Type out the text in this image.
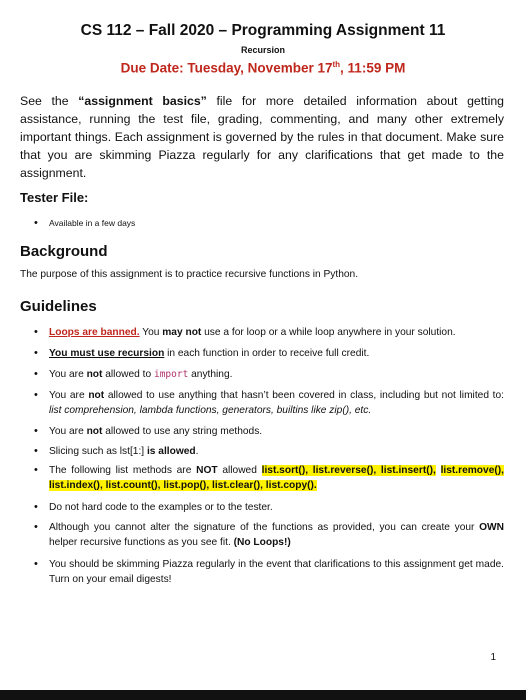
CS 112 – Fall 2020 – Programming Assignment 11
Recursion
Due Date: Tuesday, November 17th, 11:59 PM
See the “assignment basics” file for more detailed information about getting assistance, running the test file, grading, commenting, and many other extremely important things. Each assignment is governed by the rules in that document. Make sure that you are skimming Piazza regularly for any clarifications that get made to the assignment.
Tester File:
• Available in a few days
Background
The purpose of this assignment is to practice recursive functions in Python.
Guidelines
• Loops are banned. You may not use a for loop or a while loop anywhere in your solution.
• You must use recursion in each function in order to receive full credit.
• You are not allowed to import anything.
• You are not allowed to use anything that hasn’t been covered in class, including but not limited to: list comprehension, lambda functions, generators, builtins like zip(), etc.
• You are not allowed to use any string methods.
• Slicing such as lst[1:] is allowed.
• The following list methods are NOT allowed list.sort(), list.reverse(), list.insert(), list.remove(), list.index(), list.count(), list.pop(), list.clear(), list.copy().
• Do not hard code to the examples or to the tester.
• Although you cannot alter the signature of the functions as provided, you can create your OWN helper recursive functions as you see fit. (No Loops!)
• You should be skimming Piazza regularly in the event that clarifications to this assignment get made. Turn on your email digests!
1
